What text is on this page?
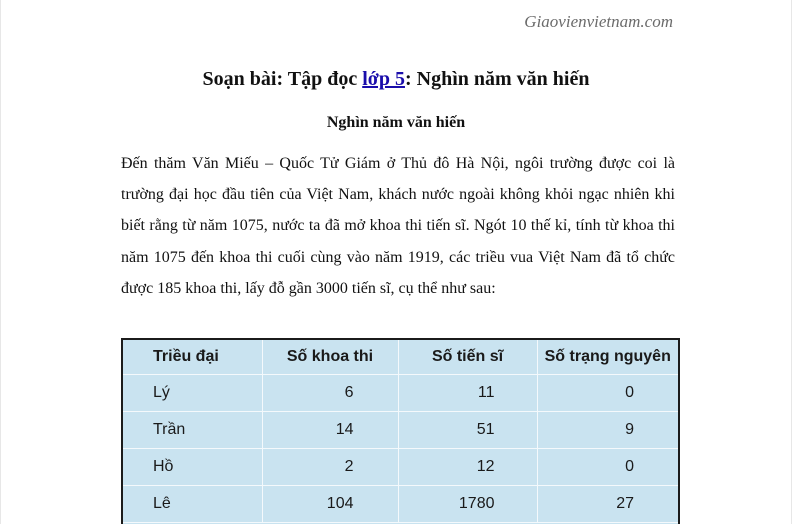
Giaovienvietnam.com
Soạn bài: Tập đọc lớp 5: Nghìn năm văn hiến
Nghìn năm văn hiến
Đến thăm Văn Miếu – Quốc Tử Giám ở Thủ đô Hà Nội, ngôi trường được coi là trường đại học đầu tiên của Việt Nam, khách nước ngoài không khỏi ngạc nhiên khi biết rằng từ năm 1075, nước ta đã mở khoa thi tiến sĩ. Ngót 10 thế kỉ, tính từ khoa thi năm 1075 đến khoa thi cuối cùng vào năm 1919, các triều vua Việt Nam đã tổ chức được 185 khoa thi, lấy đỗ gần 3000 tiến sĩ, cụ thể như sau:
Triều đại	Số khoa thi	Số tiến sĩ	Số trạng nguyên
Lý	6	11	0
Trần	14	51	9
Hồ	2	12	0
Lê	104	1780	27
